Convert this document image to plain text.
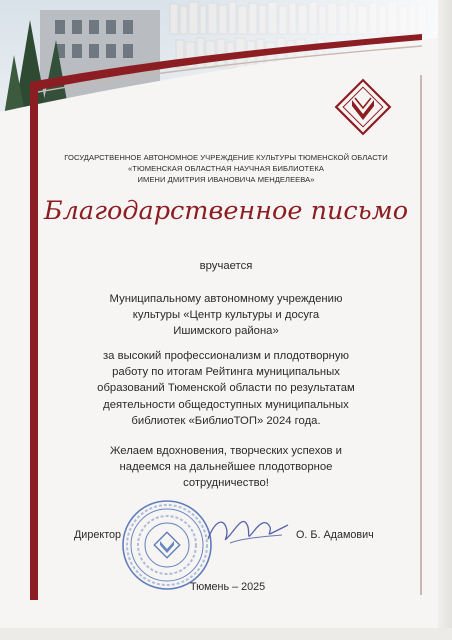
ГОСУДАРСТВЕННОЕ АВТОНОМНОЕ УЧРЕЖДЕНИЕ КУЛЬТУРЫ ТЮМЕНСКОЙ ОБЛАСТИ
«ТЮМЕНСКАЯ ОБЛАСТНАЯ НАУЧНАЯ БИБЛИОТЕКА
ИМЕНИ ДМИТРИЯ ИВАНОВИЧА МЕНДЕЛЕЕВА»
Благодарственное письмо
вручается
Муниципальному автономному учреждению
культуры «Центр культуры и досуга
Ишимского района»
за высокий профессионализм и плодотворную
работу по итогам Рейтинга муниципальных
образований Тюменской области по результатам
деятельности общедоступных муниципальных
библиотек «БиблиоТОП» 2024 года.
Желаем вдохновения, творческих успехов и
надеемся на дальнейшее плодотворное
сотрудничество!
Директор	О. Б. Адамович
Тюмень – 2025
